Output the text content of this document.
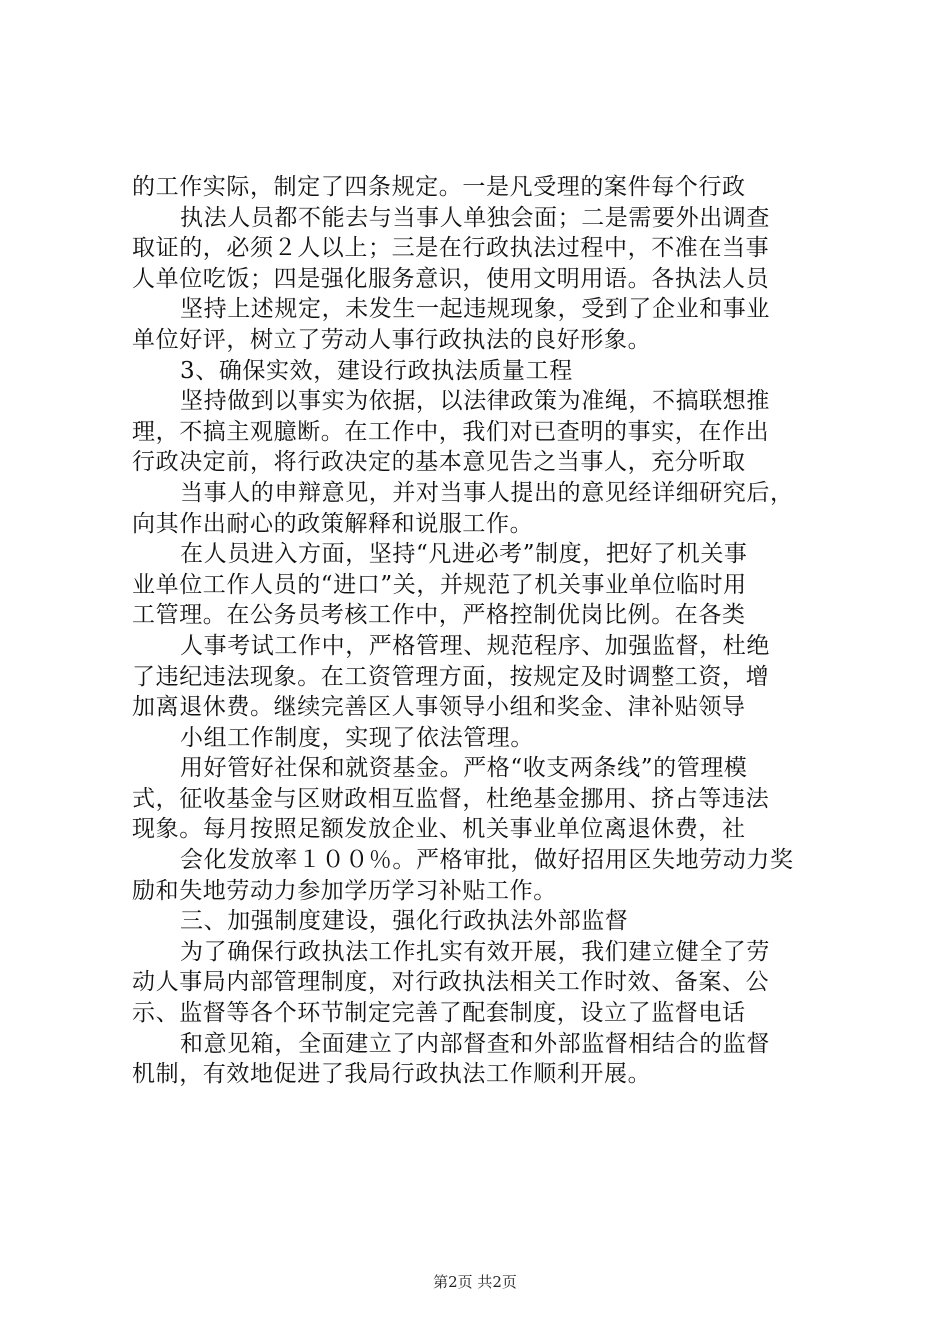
的工作实际，制定了四条规定。一是凡受理的案件每个行政
执法人员都不能去与当事人单独会面；二是需要外出调查
取证的，必须２人以上；三是在行政执法过程中，不准在当事
人单位吃饭；四是强化服务意识，使用文明用语。各执法人员
坚持上述规定，未发生一起违规现象，受到了企业和事业
单位好评，树立了劳动人事行政执法的良好形象。
3、确保实效，建设行政执法质量工程
坚持做到以事实为依据，以法律政策为准绳，不搞联想推
理，不搞主观臆断。在工作中，我们对已查明的事实，在作出
行政决定前，将行政决定的基本意见告之当事人，充分听取
当事人的申辩意见，并对当事人提出的意见经详细研究后，
向其作出耐心的政策解释和说服工作。
在人员进入方面，坚持“凡进必考”制度，把好了机关事
业单位工作人员的“进口”关，并规范了机关事业单位临时用
工管理。在公务员考核工作中，严格控制优岗比例。在各类
人事考试工作中，严格管理、规范程序、加强监督，杜绝
了违纪违法现象。在工资管理方面，按规定及时调整工资，增
加离退休费。继续完善区人事领导小组和奖金、津补贴领导
小组工作制度，实现了依法管理。
用好管好社保和就资基金。严格“收支两条线”的管理模
式，征收基金与区财政相互监督，杜绝基金挪用、挤占等违法
现象。每月按照足额发放企业、机关事业单位离退休费，社
会化发放率１００％。严格审批，做好招用区失地劳动力奖
励和失地劳动力参加学历学习补贴工作。
三、加强制度建设，强化行政执法外部监督
为了确保行政执法工作扎实有效开展，我们建立健全了劳
动人事局内部管理制度，对行政执法相关工作时效、备案、公
示、监督等各个环节制定完善了配套制度，设立了监督电话
和意见箱，全面建立了内部督查和外部监督相结合的监督
机制，有效地促进了我局行政执法工作顺利开展。
第2页 共2页
